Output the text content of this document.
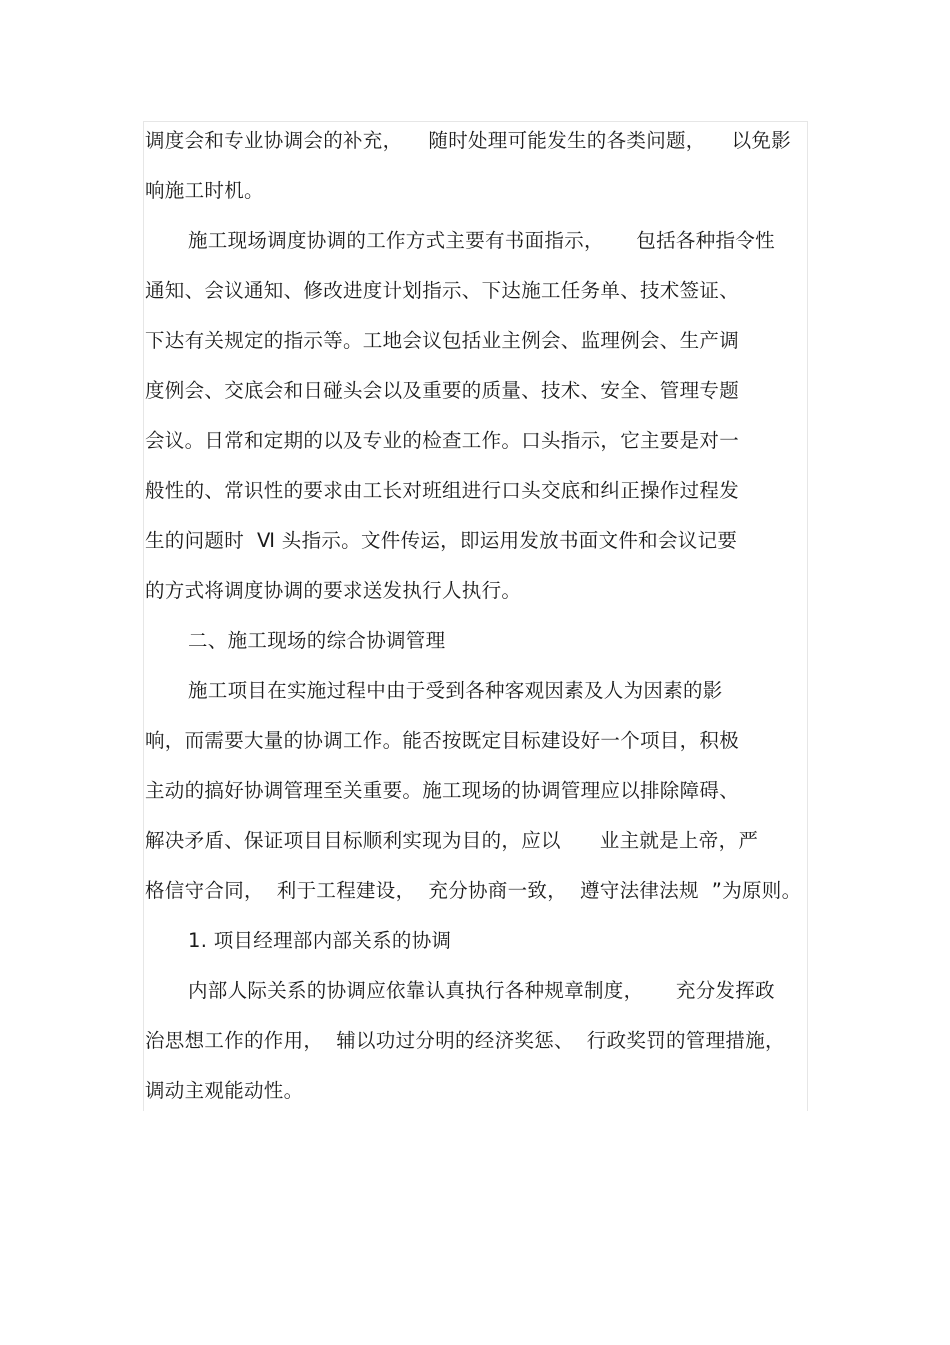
调度会和专业协调会的补充，    随时处理可能发生的各类问题，    以免影
响施工时机。
施工现场调度协调的工作方式主要有书面指示，     包括各种指令性
通知、会议通知、修改进度计划指示、下达施工任务单、技术签证、
下达有关规定的指示等。工地会议包括业主例会、监理例会、生产调
度例会、交底会和日碰头会以及重要的质量、技术、安全、管理专题
会议。日常和定期的以及专业的检查工作。口头指示，它主要是对一
般性的、常识性的要求由工长对班组进行口头交底和纠正操作过程发
生的问题时  Ⅵ 头指示。文件传运，即运用发放书面文件和会议记要
的方式将调度协调的要求送发执行人执行。
二、施工现场的综合协调管理
施工项目在实施过程中由于受到各种客观因素及人为因素的影
响，而需要大量的协调工作。能否按既定目标建设好一个项目，积极
主动的搞好协调管理至关重要。施工现场的协调管理应以排除障碍、
解决矛盾、保证项目目标顺利实现为目的，应以      业主就是上帝，严
格信守合同，  利于工程建设，  充分协商一致，  遵守法律法规  ”为原则。
1. 项目经理部内部关系的协调
内部人际关系的协调应依靠认真执行各种规章制度，     充分发挥政
治思想工作的作用，  辅以功过分明的经济奖惩、  行政奖罚的管理措施，
调动主观能动性。
